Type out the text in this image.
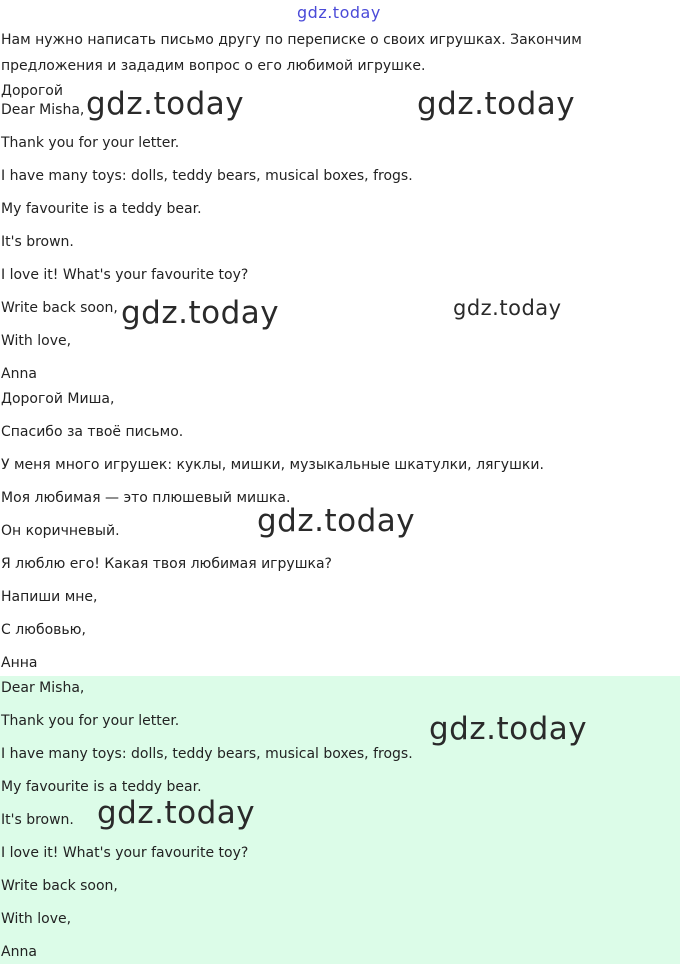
gdz.today
Нам нужно написать письмо другу по переписке о своих игрушках. Закончим
предложения и зададим вопрос о его любимой игрушке.
Дорогой
Dear Misha,
Thank you for your letter.
I have many toys: dolls, teddy bears, musical boxes, frogs.
My favourite is a teddy bear.
It's brown.
I love it! What's your favourite toy?
Write back soon,
With love,
Anna
Дорогой Миша,
Спасибо за твоё письмо.
У меня много игрушек: куклы, мишки, музыкальные шкатулки, лягушки.
Моя любимая — это плюшевый мишка.
Он коричневый.
Я люблю его! Какая твоя любимая игрушка?
Напиши мне,
С любовью,
Анна
Dear Misha,
Thank you for your letter.
I have many toys: dolls, teddy bears, musical boxes, frogs.
My favourite is a teddy bear.
It's brown.
I love it! What's your favourite toy?
Write back soon,
With love,
Anna
gdz.today	gdz.today
gdz.today	gdz.today
gdz.today
gdz.today
gdz.today
